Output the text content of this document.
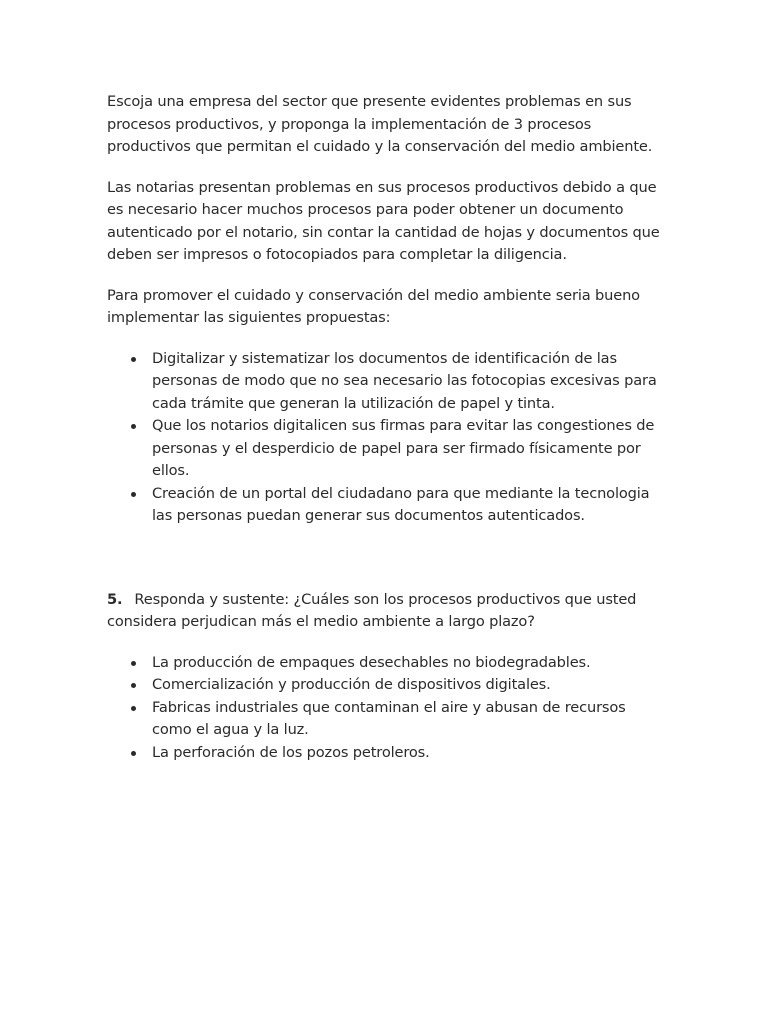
Escoja una empresa del sector que presente evidentes problemas en sus procesos productivos, y proponga la implementación de 3 procesos productivos que permitan el cuidado y la conservación del medio ambiente.

Las notarias presentan problemas en sus procesos productivos debido a que es necesario hacer muchos procesos para poder obtener un documento autenticado por el notario, sin contar la cantidad de hojas y documentos que deben ser impresos o fotocopiados para completar la diligencia.

Para promover el cuidado y conservación del medio ambiente seria bueno implementar las siguientes propuestas:

Digitalizar y sistematizar los documentos de identificación de las personas de modo que no sea necesario las fotocopias excesivas para cada trámite que generan la utilización de papel y tinta.
Que los notarios digitalicen sus firmas para evitar las congestiones de personas y el desperdicio de papel para ser firmado físicamente por ellos.
Creación de un portal del ciudadano para que mediante la tecnologia las personas puedan generar sus documentos autenticados.

5. Responda y sustente: ¿Cuáles son los procesos productivos que usted considera perjudican más el medio ambiente a largo plazo?

La producción de empaques desechables no biodegradables.
Comercialización y producción de dispositivos digitales.
Fabricas industriales que contaminan el aire y abusan de recursos como el agua y la luz.
La perforación de los pozos petroleros.
